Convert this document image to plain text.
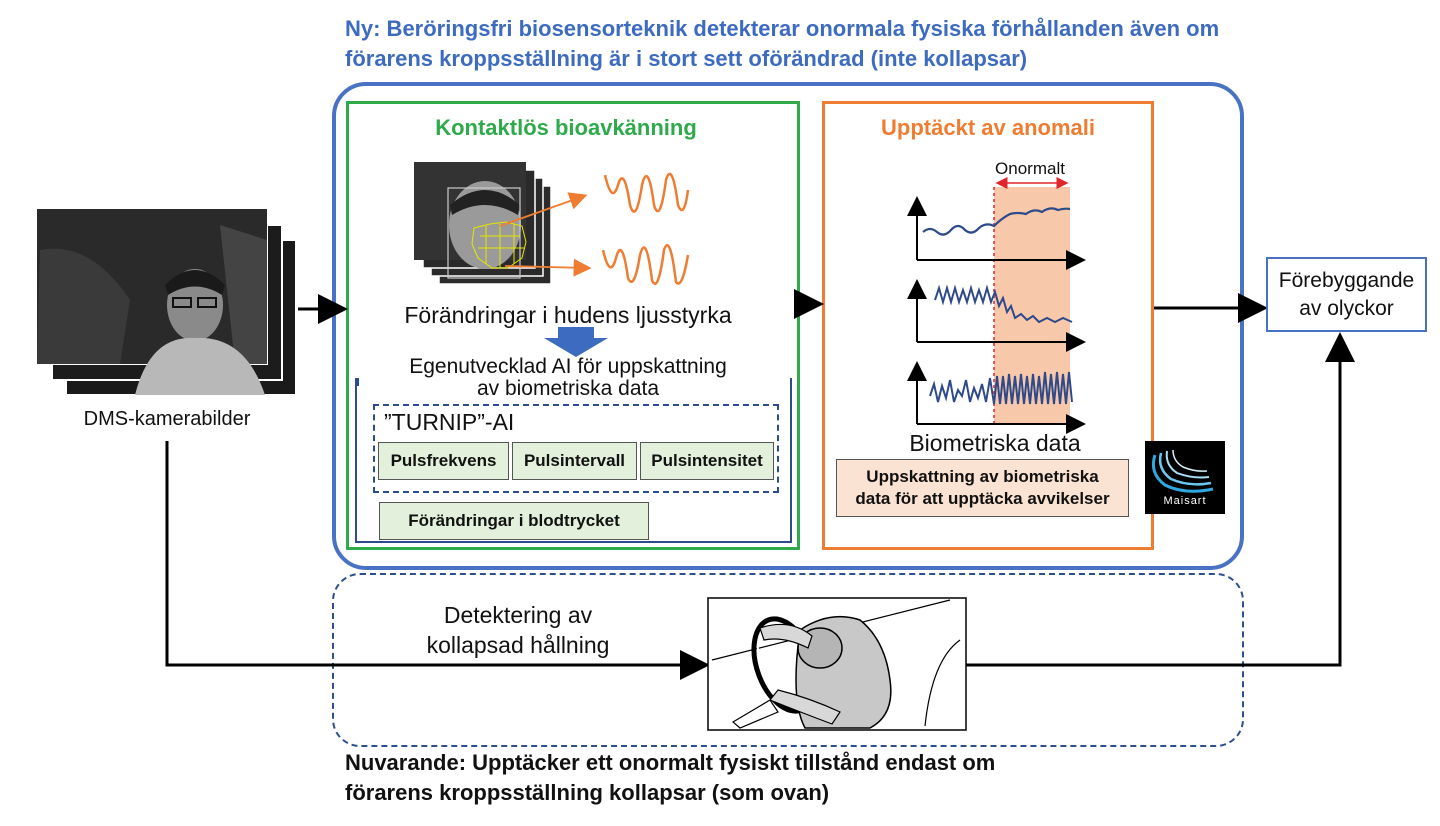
Ny: Beröringsfri biosensorteknik detekterar onormala fysiska förhållanden även om
förarens kroppsställning är i stort sett oförändrad (inte kollapsar)
Kontaktlös bioavkänning	Upptäckt av anomali
DMS-kamerabilder
Förändringar i hudens ljusstyrka
Egenutvecklad AI för uppskattning
av biometriska data
”TURNIP”-AI
Pulsfrekvens	Pulsintervall	Pulsintensitet
Förändringar i blodtrycket
Onormalt
Biometriska data
Uppskattning av biometriska
data för att upptäcka avvikelser	Maisart
Förebyggande
av olyckor
Detektering av
kollapsad hållning
Nuvarande: Upptäcker ett onormalt fysiskt tillstånd endast om
förarens kroppsställning kollapsar (som ovan)
